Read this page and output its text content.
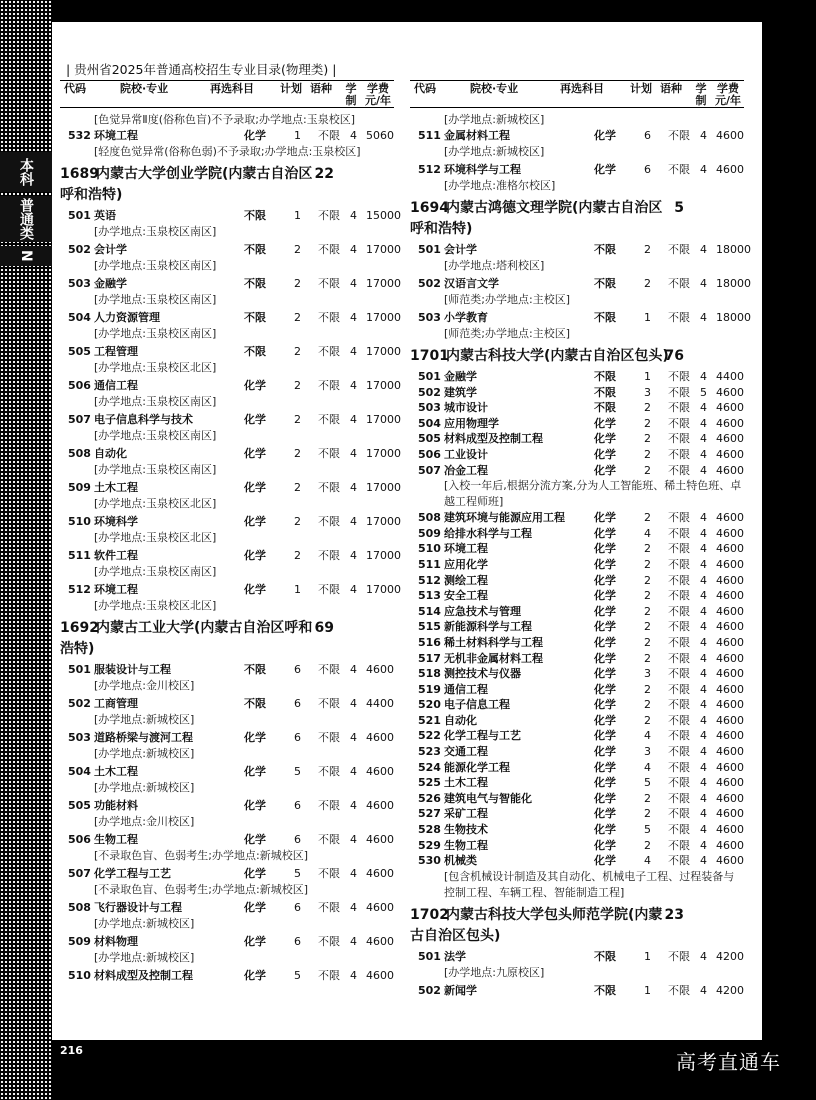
本科
普通类
N
| 贵州省2025年普通高校招生专业目录(物理类) |
代码	院校·专业	再选科目 计划 语种 学制
学费元/年
[色觉异常Ⅱ度(俗称色盲)不予录取;办学地点:玉泉校区]
532 环境工程	化学	1 不限 4 5060
[轻度色觉异常(俗称色弱)不予录取;办学地点:玉泉校区]
1689内蒙古大学创业学院(内蒙古自治区呼和浩特)
22
501 英语	不限	1 不限 4 15000
[办学地点:玉泉校区南区]
502 会计学	不限	2 不限 4 17000
[办学地点:玉泉校区南区]
503 金融学	不限	2 不限 4 17000
[办学地点:玉泉校区南区]
504 人力资源管理	不限	2 不限 4 17000
[办学地点:玉泉校区南区]
505 工程管理	不限	2 不限 4 17000
[办学地点:玉泉校区北区]
506 通信工程	化学	2 不限 4 17000
[办学地点:玉泉校区南区]
507 电子信息科学与技术	化学	2 不限 4 17000
[办学地点:玉泉校区南区]
508 自动化	化学	2 不限 4 17000
[办学地点:玉泉校区南区]
509 土木工程	化学	2 不限 4 17000
[办学地点:玉泉校区北区]
510 环境科学	化学	2 不限 4 17000
[办学地点:玉泉校区北区]
511 软件工程	化学	2 不限 4 17000
[办学地点:玉泉校区南区]
512 环境工程	化学	1 不限 4 17000
[办学地点:玉泉校区北区]
1692内蒙古工业大学(内蒙古自治区呼和浩特)
69
501 服装设计与工程	不限	6 不限 4 4600
[办学地点:金川校区]
502 工商管理	不限	6 不限 4 4400
[办学地点:新城校区]
503 道路桥梁与渡河工程	化学	6 不限 4 4600
[办学地点:新城校区]
504 土木工程	化学	5 不限 4 4600
[办学地点:新城校区]
505 功能材料	化学	6 不限 4 4600
[办学地点:金川校区]
506 生物工程	化学	6 不限 4 4600
[不录取色盲、色弱考生;办学地点:新城校区]
507 化学工程与工艺	化学	5 不限 4 4600
[不录取色盲、色弱考生;办学地点:新城校区]
508 飞行器设计与工程	化学	6 不限 4 4600
[办学地点:新城校区]
509 材料物理	化学	6 不限 4 4600
[办学地点:新城校区]
510 材料成型及控制工程	化学	5 不限 4 4600
代码	院校·专业	再选科目 计划 语种 学制
学费元/年
[办学地点:新城校区]
511 金属材料工程	化学	6 不限 4 4600
[办学地点:新城校区]
512 环境科学与工程	化学	6 不限 4 4600
[办学地点:准格尔校区]
1694内蒙古鸿德文理学院(内蒙古自治区呼和浩特)
5
501 会计学	不限	2 不限 4 18000
[办学地点:塔利校区]
502 汉语言文学	不限	2 不限 4 18000
[师范类;办学地点:主校区]
503 小学教育	不限	1 不限 4 18000
[师范类;办学地点:主校区]
1701内蒙古科技大学(内蒙古自治区包头)
76
501 金融学	不限	1 不限 4 4400
502 建筑学	不限	3 不限 5 4600
503 城市设计	不限	2 不限 4 4600
504 应用物理学	化学	2 不限 4 4600
505 材料成型及控制工程	化学	2 不限 4 4600
506 工业设计	化学	2 不限 4 4600
507 冶金工程	化学	2 不限 4 4600
[入校一年后,根据分流方案,分为人工智能班、稀土特色班、卓越工程师班]
508 建筑环境与能源应用工程	化学	2 不限 4 4600
509 给排水科学与工程	化学	4 不限 4 4600
510 环境工程	化学	2 不限 4 4600
511 应用化学	化学	2 不限 4 4600
512 测绘工程	化学	2 不限 4 4600
513 安全工程	化学	2 不限 4 4600
514 应急技术与管理	化学	2 不限 4 4600
515 新能源科学与工程	化学	2 不限 4 4600
516 稀土材料科学与工程	化学	2 不限 4 4600
517 无机非金属材料工程	化学	2 不限 4 4600
518 测控技术与仪器	化学	3 不限 4 4600
519 通信工程	化学	2 不限 4 4600
520 电子信息工程	化学	2 不限 4 4600
521 自动化	化学	2 不限 4 4600
522 化学工程与工艺	化学	4 不限 4 4600
523 交通工程	化学	3 不限 4 4600
524 能源化学工程	化学	4 不限 4 4600
525 土木工程	化学	5 不限 4 4600
526 建筑电气与智能化	化学	2 不限 4 4600
527 采矿工程	化学	2 不限 4 4600
528 生物技术	化学	5 不限 4 4600
529 生物工程	化学	2 不限 4 4600
530 机械类	化学	4 不限 4 4600
[包含机械设计制造及其自动化、机械电子工程、过程装备与控制工程、车辆工程、智能制造工程]
1702内蒙古科技大学包头师范学院(内蒙古自治区包头)
23
501 法学	不限	1 不限 4 4200
[办学地点:九原校区]
502 新闻学	不限	1 不限 4 4200
216	高考直通车
